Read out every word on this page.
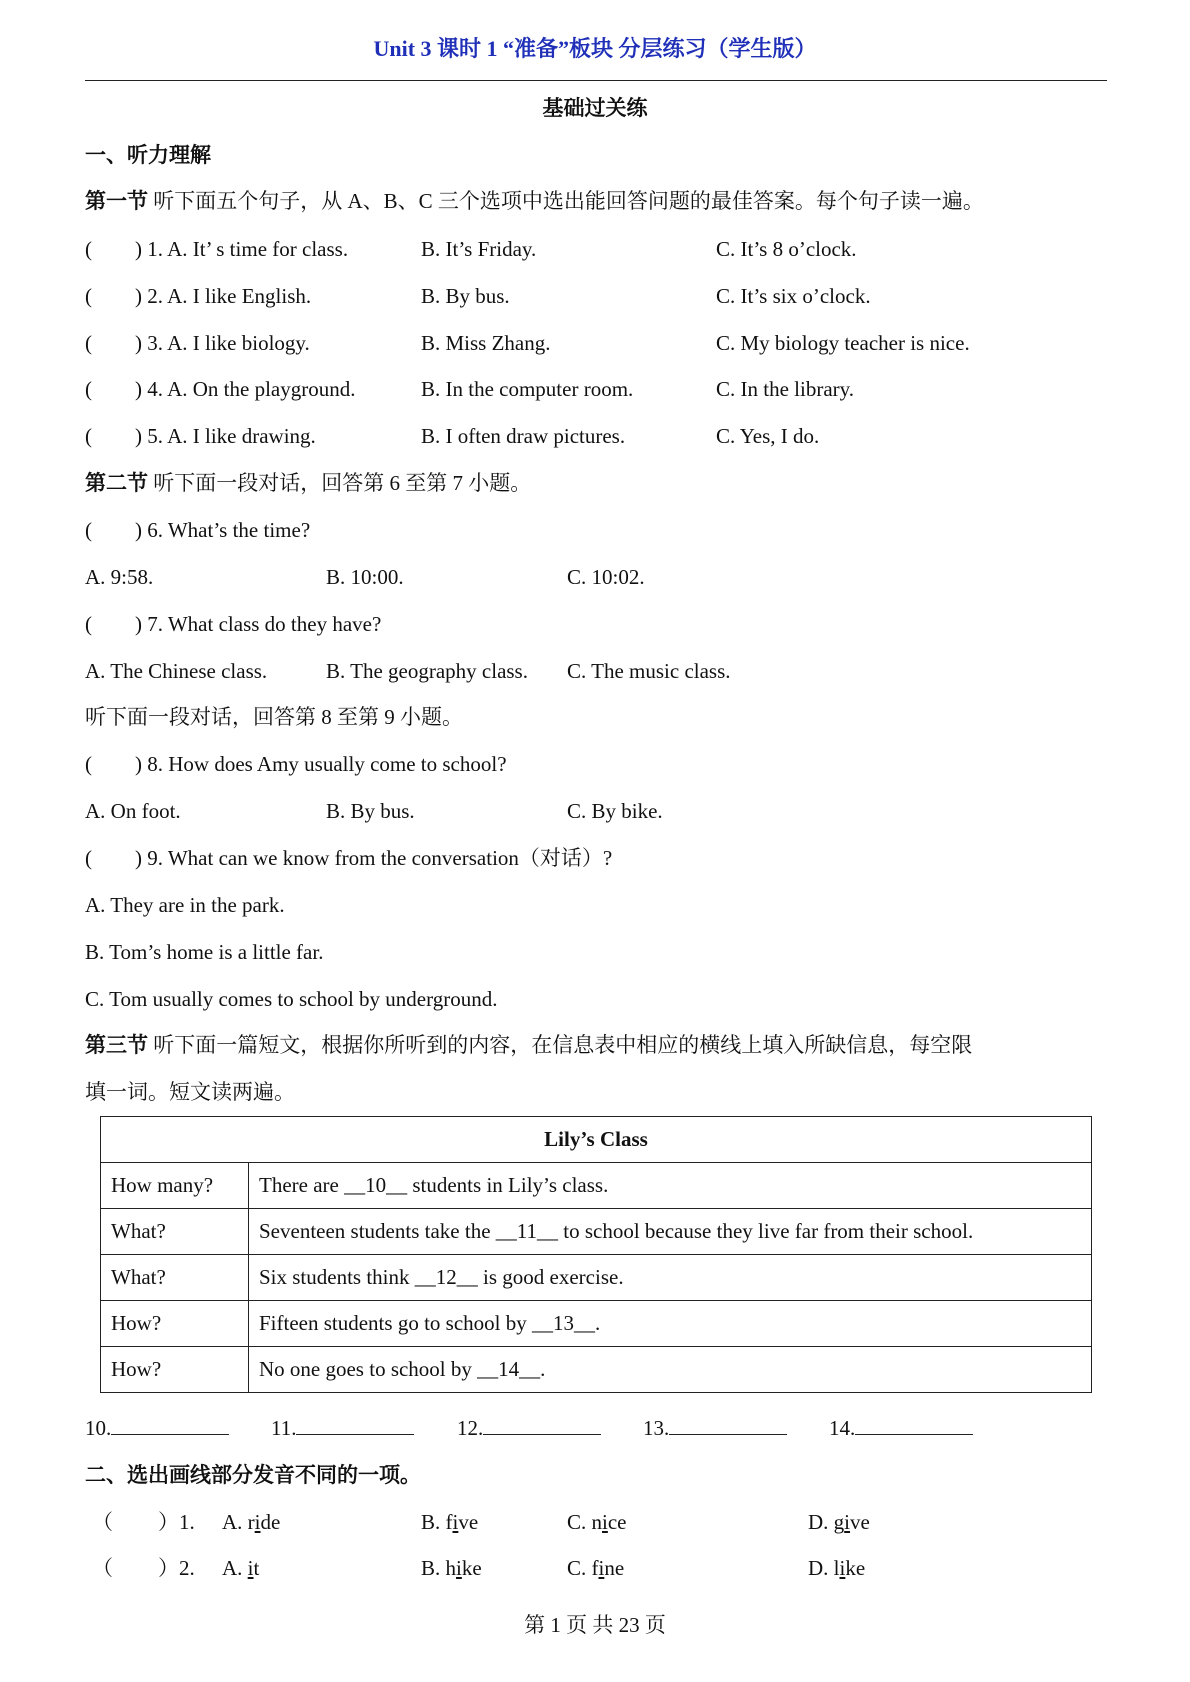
Unit 3 课时 1 “准备”板块 分层练习（学生版）
基础过关练
一、听力理解
第一节 听下面五个句子，从 A、B、C 三个选项中选出能回答问题的最佳答案。每个句子读一遍。
( ) 1. A. It’ s time for class.	B. It’s Friday.	C. It’s 8 o’clock.
( ) 2. A. I like English.	B. By bus.	C. It’s six o’clock.
( ) 3. A. I like biology.	B. Miss Zhang.	C. My biology teacher is nice.
( ) 4. A. On the playground.	B. In the computer room.	C. In the library.
( ) 5. A. I like drawing.	B. I often draw pictures.	C. Yes, I do.
第二节 听下面一段对话，回答第 6 至第 7 小题。
( ) 6. What’s the time?
A. 9:58.	B. 10:00.	C. 10:02.
( ) 7. What class do they have?
A. The Chinese class.	B. The geography class. C. The music class.
听下面一段对话，回答第 8 至第 9 小题。
( ) 8. How does Amy usually come to school?
A. On foot.	B. By bus.	C. By bike.
( ) 9. What can we know from the conversation（对话）?
A. They are in the park.
B. Tom’s home is a little far.
C. Tom usually comes to school by underground.
第三节 听下面一篇短文，根据你所听到的内容，在信息表中相应的横线上填入所缺信息，每空限
填一词。短文读两遍。
Lily’s Class	
How many?	There are __10__ students in Lily’s class.
What?	Seventeen students take the __11__ to school because they live far from their school.
What?	Six students think __12__ is good exercise.
How?	Fifteen students go to school by __13__.
How?	No one goes to school by __14__.
10.	11.	12.	13.	14.
二、选出画线部分发音不同的一项。
（ ）1. A. ride	B. five	C. nice	D. give
（ ）2. A. it	B. hike	C. fine	D. like
第 1 页 共 23 页
